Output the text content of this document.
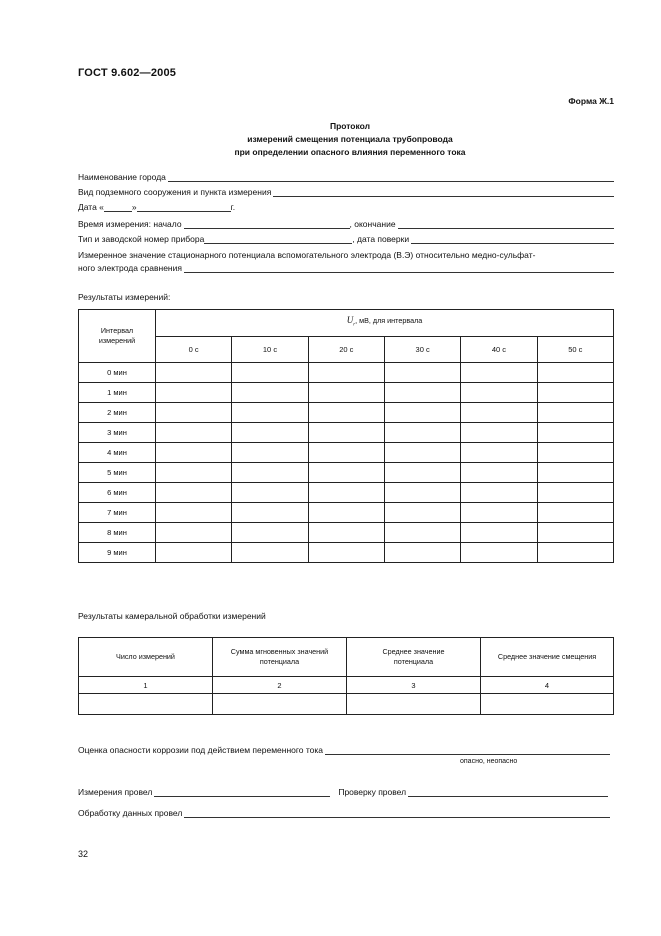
ГОСТ 9.602—2005
Форма Ж.1
Протокол
измерений смещения потенциала трубопровода
при определении опасного влияния переменного тока
Наименование города
Вид подземного сооружения и пункта измерения
Дата «	»	г.
Время измерения: начало	, окончание
Тип и заводской номер прибора	, дата поверки
Измеренное значение стационарного потенциала вспомогательного электрода (В.Э) относительно медно-сульфат-
ного электрода сравнения
Результаты измерений:
Интервал измерений	$U_r$, мВ, для интервала					
	0 с	10 с	20 с	30 с	40 с	50 с
0 мин						
1 мин						
2 мин						
3 мин						
4 мин						
5 мин						
6 мин						
7 мин						
8 мин						
9 мин						
Результаты камеральной обработки измерений
Число измерений	Сумма мгновенных значений потенциала	Среднее значение потенциала	Среднее значение смещения
1	2	3	4

Оценка опасности коррозии под действием переменного тока
опасно, неопасно
Измерения провел	Проверку провел
Обработку данных провел
32
